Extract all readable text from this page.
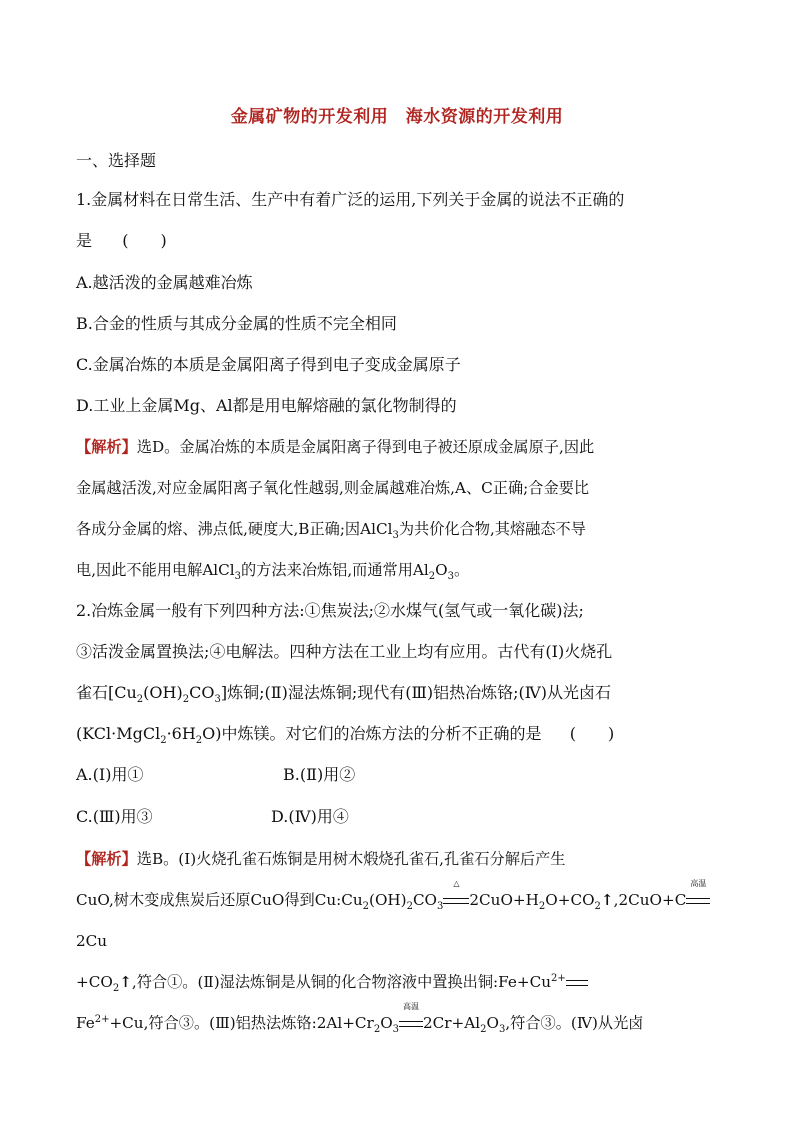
金属矿物的开发利用　海水资源的开发利用
一、选择题
1.金属材料在日常生活、生产中有着广泛的运用,下列关于金属的说法不正确的
是 (　　)
A.越活泼的金属越难冶炼
B.合金的性质与其成分金属的性质不完全相同
C.金属冶炼的本质是金属阳离子得到电子变成金属原子
D.工业上金属Mg、Al都是用电解熔融的氯化物制得的
【解析】选D。金属冶炼的本质是金属阳离子得到电子被还原成金属原子,因此
金属越活泼,对应金属阳离子氧化性越弱,则金属越难冶炼,A、C正确;合金要比
各成分金属的熔、沸点低,硬度大,B正确;因AlCl$_3$为共价化合物,其熔融态不导
电,因此不能用电解AlCl$_3$的方法来冶炼铝,而通常用$Al_2O_3$。
2.冶炼金属一般有下列四种方法:①焦炭法;②水煤气(氢气或一氧化碳)法;
③活泼金属置换法;④电解法。四种方法在工业上均有应用。古代有(Ⅰ)火烧孔
雀石$[Cu_2(OH)_2CO_3]$炼铜;(Ⅱ)湿法炼铜;现代有(Ⅲ)铝热冶炼铬;(Ⅳ)从光卤石
$(KCl\cdot MgCl_2\cdot 6H_2O)$中炼镁。对它们的冶炼方法的分析不正确的是 (　　)
A.(Ⅰ)用①	B.(Ⅱ)用②
C.(Ⅲ)用③	D.(Ⅳ)用④
【解析】选B。(Ⅰ)火烧孔雀石炼铜是用树木煅烧孔雀石,孔雀石分解后产生
CuO,树木变成焦炭后还原CuO得到$Cu:Cu_2(OH)_2CO_3$
△
$2CuO+H_2O+CO_2↑,2CuO+C$
高温
2Cu
$+CO_2↑$,符合①。(Ⅱ)湿法炼铜是从铜的化合物溶液中置换出铜$:Fe+Cu^{2+}$
$Fe^{2+}+Cu$,符合③。(Ⅲ)铝热法炼铬$:2Al+Cr_2O_3$
高温
$2Cr+Al_2O_3$,符合③。(Ⅳ)从光卤
